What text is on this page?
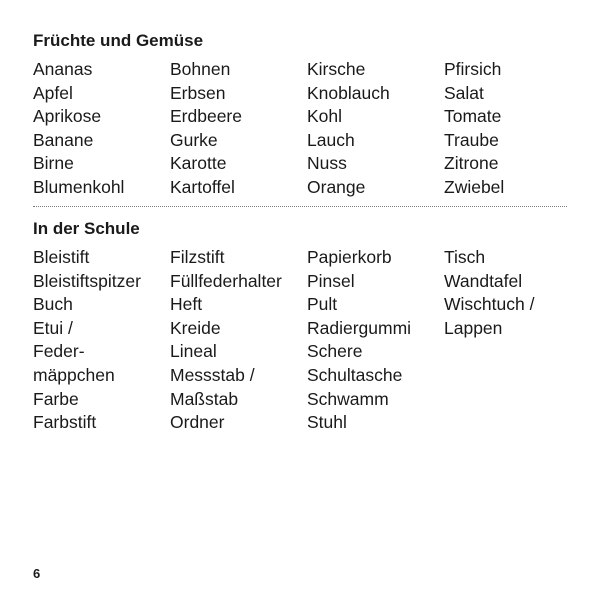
Früchte und Gemüse
Ananas
Apfel
Aprikose
Banane
Birne
Blumenkohl
Bohnen
Erbsen
Erdbeere
Gurke
Karotte
Kartoffel
Kirsche
Knoblauch
Kohl
Lauch
Nuss
Orange
Pfirsich
Salat
Tomate
Traube
Zitrone
Zwiebel
In der Schule
Bleistift
Bleistiftspitzer
Buch
Etui /
Feder-
mäppchen
Farbe
Farbstift
Filzstift
Füllfederhalter
Heft
Kreide
Lineal
Messstab /
Maßstab
Ordner
Papierkorb
Pinsel
Pult
Radiergummi
Schere
Schultasche
Schwamm
Stuhl
Tisch
Wandtafel
Wischtuch /
Lappen
6
